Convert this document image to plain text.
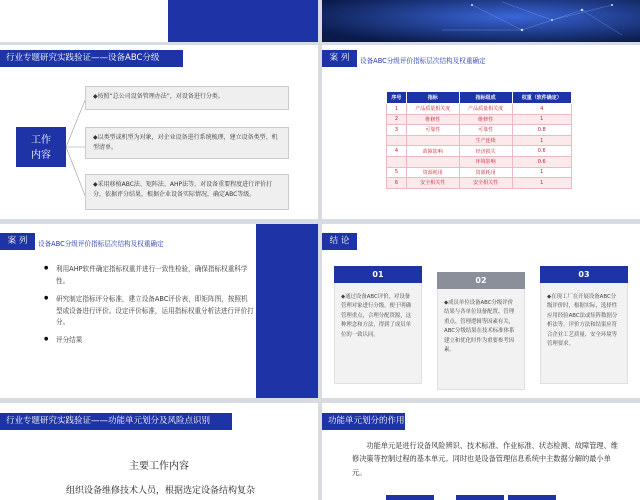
行业专题研究实践验证——设备ABC分级
工作
内容
◆按照“总公司设备管理办法”，对设备进行分类。
◆以类型或机型为对象，对企业设备进行系统梳理，建立设备类型、机型清单。
◆采用移植ABC法、矩阵法、AHP法等，对设备重要程度进行评价打分，依据评分结果，根据企业设备实际情况，确定ABC等级。
案 列	设备ABC分级评价指标层次结构及权重确定
序号	指标	指标组成	权重（软件确定）
1	产品质量相关度	产品质量相关度	4
2	维修性	维修性	1
3	可靠性	可靠性	0.8
		生产连续	1
4	故障影响	经济损失	0.6
		环境影响	0.6
5	资源耗用	资源耗用	1
6	安全相关性	安全相关性	1
案 列	设备ABC分级评价指标层次结构及权重确定
● 利用AHP软件确定指标权重并进行一致性检验，确保指标权重科学性。
● 研究制定指标评分标准，建立设备ABC评价表，即矩阵图，按照机型或设备进行评价。设定评价标准，运用指标权重分析法进行评价打分。
● 评分结果
结 论
◆通过设备ABC评价，对设备管理对象进行分级，便于明确管理重点，合理分配资源，这种理念和方法，得到了成员单位的一致认同。
01
◆成员单位设备ABC分级评价结果与各单位设备配置、管理重点、管理逻辑等因素有关，ABC分级结果在技术标准体系建立和优化时作为重要参考因素。
02
◆在现工厂在开展设备ABC分级评价时，根据实际，选择性应用经验ABC法或矩阵数据分析法等。评价方法和结果应符合企业工艺质量、安全环境等管理要求。
03
行业专题研究实践验证——功能单元划分及风险点识别
主要工作内容
组织设备维修技术人员，根据选定设备结构复杂
功能单元划分的作用
功能单元是进行设备风险辨识、技术标准、作业标准、状态检测、故障管理、维修决策等控制过程的基本单元。同时也是设备管理信息系统中主数据分解的最小单元。
